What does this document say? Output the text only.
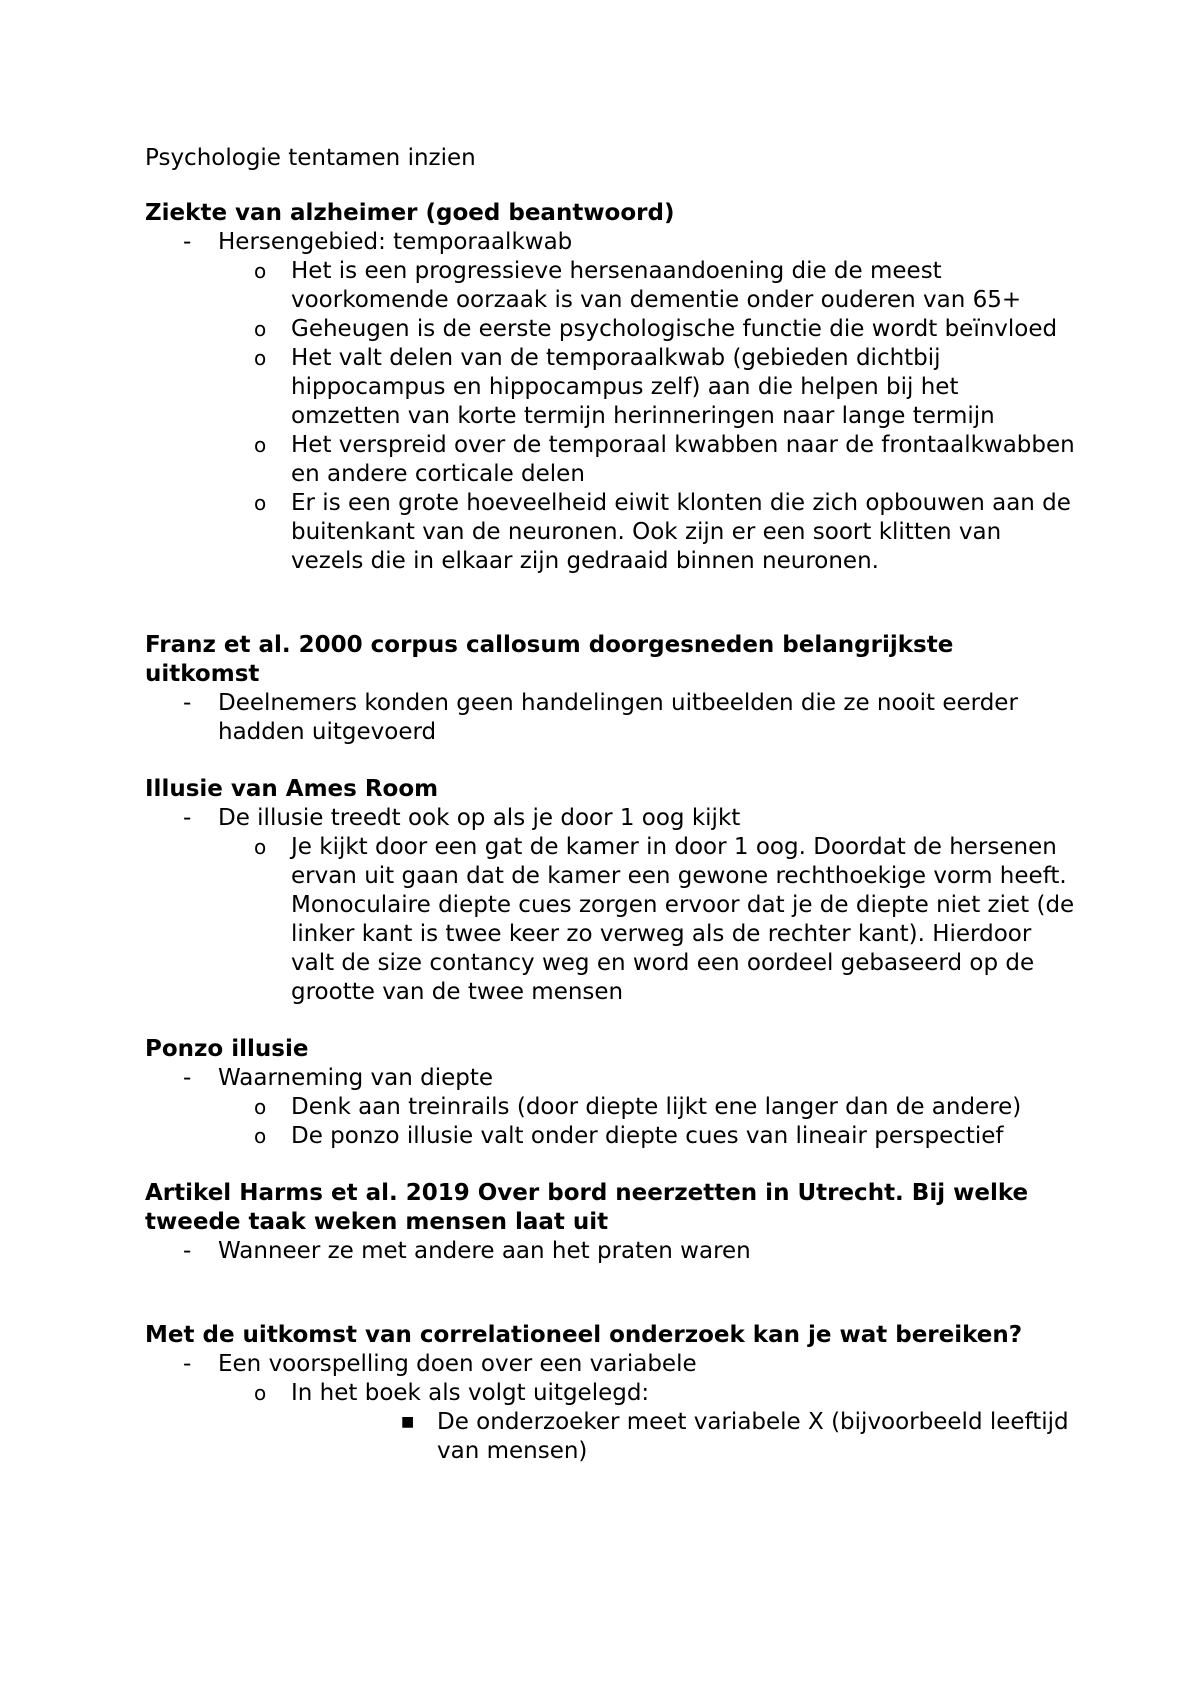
Psychologie tentamen inzien

Ziekte van alzheimer (goed beantwoord)

- Hersengebied: temporaalkwab
o Het is een progressieve hersenaandoening die de meest voorkomende oorzaak is van dementie onder ouderen van 65+
o Geheugen is de eerste psychologische functie die wordt beïnvloed
o Het valt delen van de temporaalkwab (gebieden dichtbij hippocampus en hippocampus zelf) aan die helpen bij het omzetten van korte termijn herinneringen naar lange termijn
o Het verspreid over de temporaal kwabben naar de frontaalkwabben en andere corticale delen
o Er is een grote hoeveelheid eiwit klonten die zich opbouwen aan de buitenkant van de neuronen. Ook zijn er een soort klitten van vezels die in elkaar zijn gedraaid binnen neuronen.

Franz et al. 2000 corpus callosum doorgesneden belangrijkste uitkomst

- Deelnemers konden geen handelingen uitbeelden die ze nooit eerder hadden uitgevoerd

Illusie van Ames Room

- De illusie treedt ook op als je door 1 oog kijkt
o Je kijkt door een gat de kamer in door 1 oog. Doordat de hersenen ervan uit gaan dat de kamer een gewone rechthoekige vorm heeft. Monoculaire diepte cues zorgen ervoor dat je de diepte niet ziet (de linker kant is twee keer zo verweg als de rechter kant). Hierdoor valt de size contancy weg en word een oordeel gebaseerd op de grootte van de twee mensen

Ponzo illusie

- Waarneming van diepte
o Denk aan treinrails (door diepte lijkt ene langer dan de andere)
o De ponzo illusie valt onder diepte cues van lineair perspectief

Artikel Harms et al. 2019 Over bord neerzetten in Utrecht. Bij welke tweede taak weken mensen laat uit

- Wanneer ze met andere aan het praten waren

Met de uitkomst van correlationeel onderzoek kan je wat bereiken?

- Een voorspelling doen over een variabele
o In het boek als volgt uitgelegd:
■ De onderzoeker meet variabele X (bijvoorbeeld leeftijd van mensen)
